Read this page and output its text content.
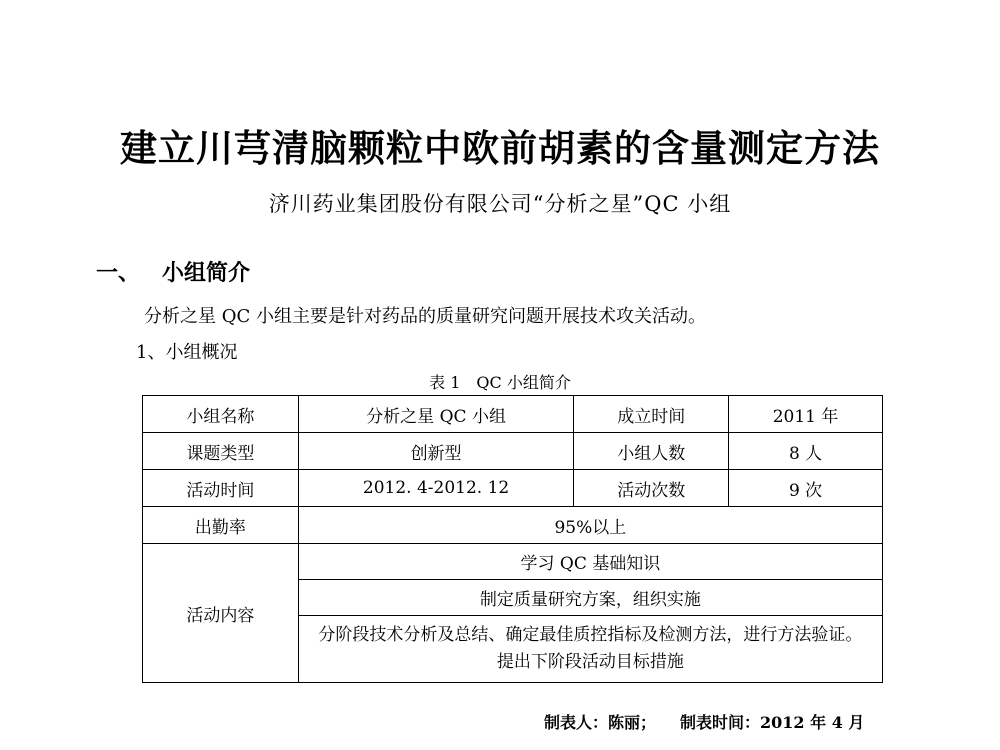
建立川芎清脑颗粒中欧前胡素的含量测定方法
济川药业集团股份有限公司“分析之星”QC 小组
一、 小组简介
分析之星 QC 小组主要是针对药品的质量研究问题开展技术攻关活动。
1、小组概况
表 1　QC 小组简介
小组名称	分析之星 QC 小组	成立时间	2011 年
课题类型	创新型	小组人数	8 人
活动时间	2012. 4-2012. 12	活动次数	9 次
出勤率	95%以上		
活动内容	学习 QC 基础知识		
	制定质量研究方案，组织实施		

	分阶段技术分析及总结、确定最佳质控指标及检测方法，进行方法验证。
提出下阶段活动目标措施		
制表人：陈丽； 制表时间：2012 年 4 月
